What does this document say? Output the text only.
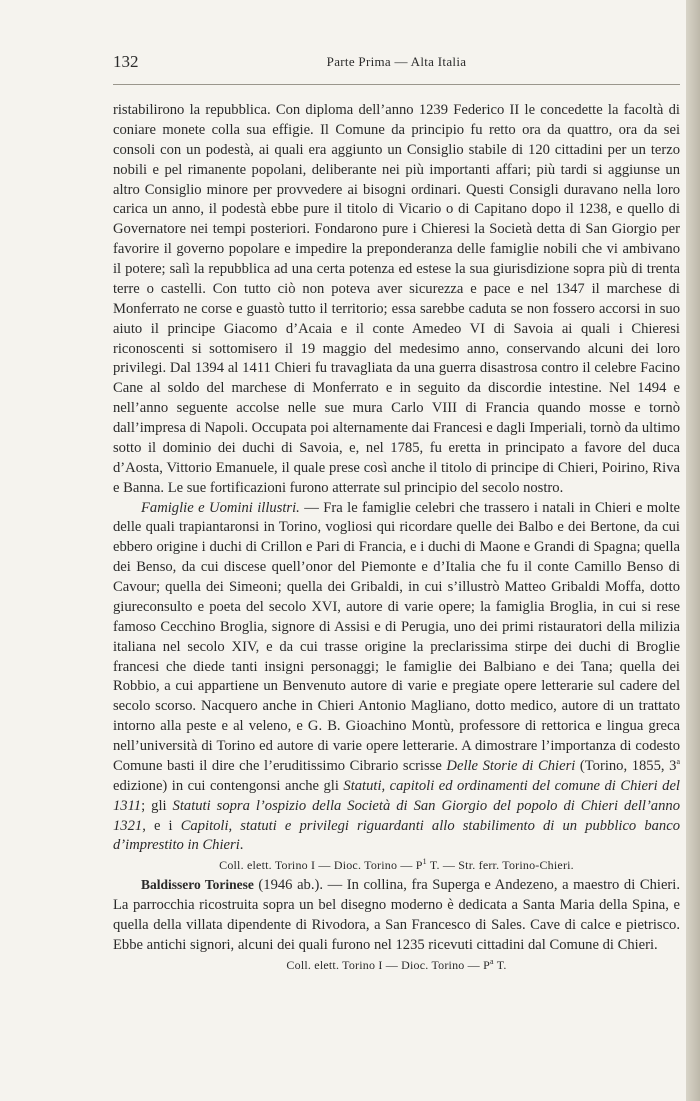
132	Parte Prima — Alta Italia

ristabilirono la repubblica. Con diploma dell’anno 1239 Federico II le concedette la facoltà di coniare monete colla sua effigie. Il Comune da principio fu retto ora da quattro, ora da sei consoli con un podestà, ai quali era aggiunto un Consiglio stabile di 120 cittadini per un terzo nobili e pel rimanente popolani, deliberante nei più importanti affari; più tardi si aggiunse un altro Consiglio minore per provvedere ai bisogni ordinari. Questi Consigli duravano nella loro carica un anno, il podestà ebbe pure il titolo di Vicario o di Capitano dopo il 1238, e quello di Governatore nei tempi posteriori. Fondarono pure i Chieresi la Società detta di San Giorgio per favorire il governo popolare e impedire la preponderanza delle famiglie nobili che vi ambivano il potere; salì la repubblica ad una certa potenza ed estese la sua giurisdizione sopra più di trenta terre o castelli. Con tutto ciò non poteva aver sicurezza e pace e nel 1347 il marchese di Monferrato ne corse e guastò tutto il territorio; essa sarebbe caduta se non fossero accorsi in suo aiuto il principe Giacomo d’Acaia e il conte Amedeo VI di Savoia ai quali i Chieresi riconoscenti si sottomisero il 19 maggio del medesimo anno, conservando alcuni dei loro privilegi. Dal 1394 al 1411 Chieri fu travagliata da una guerra disastrosa contro il celebre Facino Cane al soldo del marchese di Monferrato e in seguito da discordie intestine. Nel 1494 e nell’anno seguente accolse nelle sue mura Carlo VIII di Francia quando mosse e tornò dall’impresa di Napoli. Occupata poi alternamente dai Francesi e dagli Imperiali, tornò da ultimo sotto il dominio dei duchi di Savoia, e, nel 1785, fu eretta in principato a favore del duca d’Aosta, Vittorio Emanuele, il quale prese così anche il titolo di principe di Chieri, Poirino, Riva e Banna. Le sue fortificazioni furono atterrate sul principio del secolo nostro.

Famiglie e Uomini illustri. — Fra le famiglie celebri che trassero i natali in Chieri e molte delle quali trapiantaronsi in Torino, vogliosi qui ricordare quelle dei Balbo e dei Bertone, da cui ebbero origine i duchi di Crillon e Pari di Francia, e i duchi di Maone e Grandi di Spagna; quella dei Benso, da cui discese quell’onor del Piemonte e d’Italia che fu il conte Camillo Benso di Cavour; quella dei Simeoni; quella dei Gribaldi, in cui s’illustrò Matteo Gribaldi Moffa, dotto giureconsulto e poeta del secolo XVI, autore di varie opere; la famiglia Broglia, in cui si rese famoso Cecchino Broglia, signore di Assisi e di Perugia, uno dei primi ristauratori della milizia italiana nel secolo XIV, e da cui trasse origine la preclarissima stirpe dei duchi di Broglie francesi che diede tanti insigni personaggi; le famiglie dei Balbiano e dei Tana; quella dei Robbio, a cui appartiene un Benvenuto autore di varie e pregiate opere letterarie sul cadere del secolo scorso. Nacquero anche in Chieri Antonio Magliano, dotto medico, autore di un trattato intorno alla peste e al veleno, e G. B. Gioachino Montù, professore di rettorica e lingua greca nell’università di Torino ed autore di varie opere letterarie. A dimostrare l’importanza di codesto Comune basti il dire che l’eruditissimo Cibrario scrisse Delle Storie di Chieri (Torino, 1855, 3$^a$ edizione) in cui contengonsi anche gli Statuti, capitoli ed ordinamenti del comune di Chieri del 1311; gli Statuti sopra l’ospizio della Società di San Giorgio del popolo di Chieri dell’anno 1321, e i Capitoli, statuti e privilegi riguardanti allo stabilimento di un pubblico banco d’imprestito in Chieri.

Coll. elett. Torino I — Dioc. Torino — $P^1$ T. — Str. ferr. Torino-Chieri.

Baldissero Torinese (1946 ab.). — In collina, fra Superga e Andezeno, a maestro di Chieri. La parrocchia ricostruita sopra un bel disegno moderno è dedicata a Santa Maria della Spina, e quella della villata dipendente di Rivodora, a San Francesco di Sales. Cave di calce e pietrisco. Ebbe antichi signori, alcuni dei quali furono nel 1235 ricevuti cittadini dal Comune di Chieri.

Coll. elett. Torino I — Dioc. Torino — $P^a$ T.
